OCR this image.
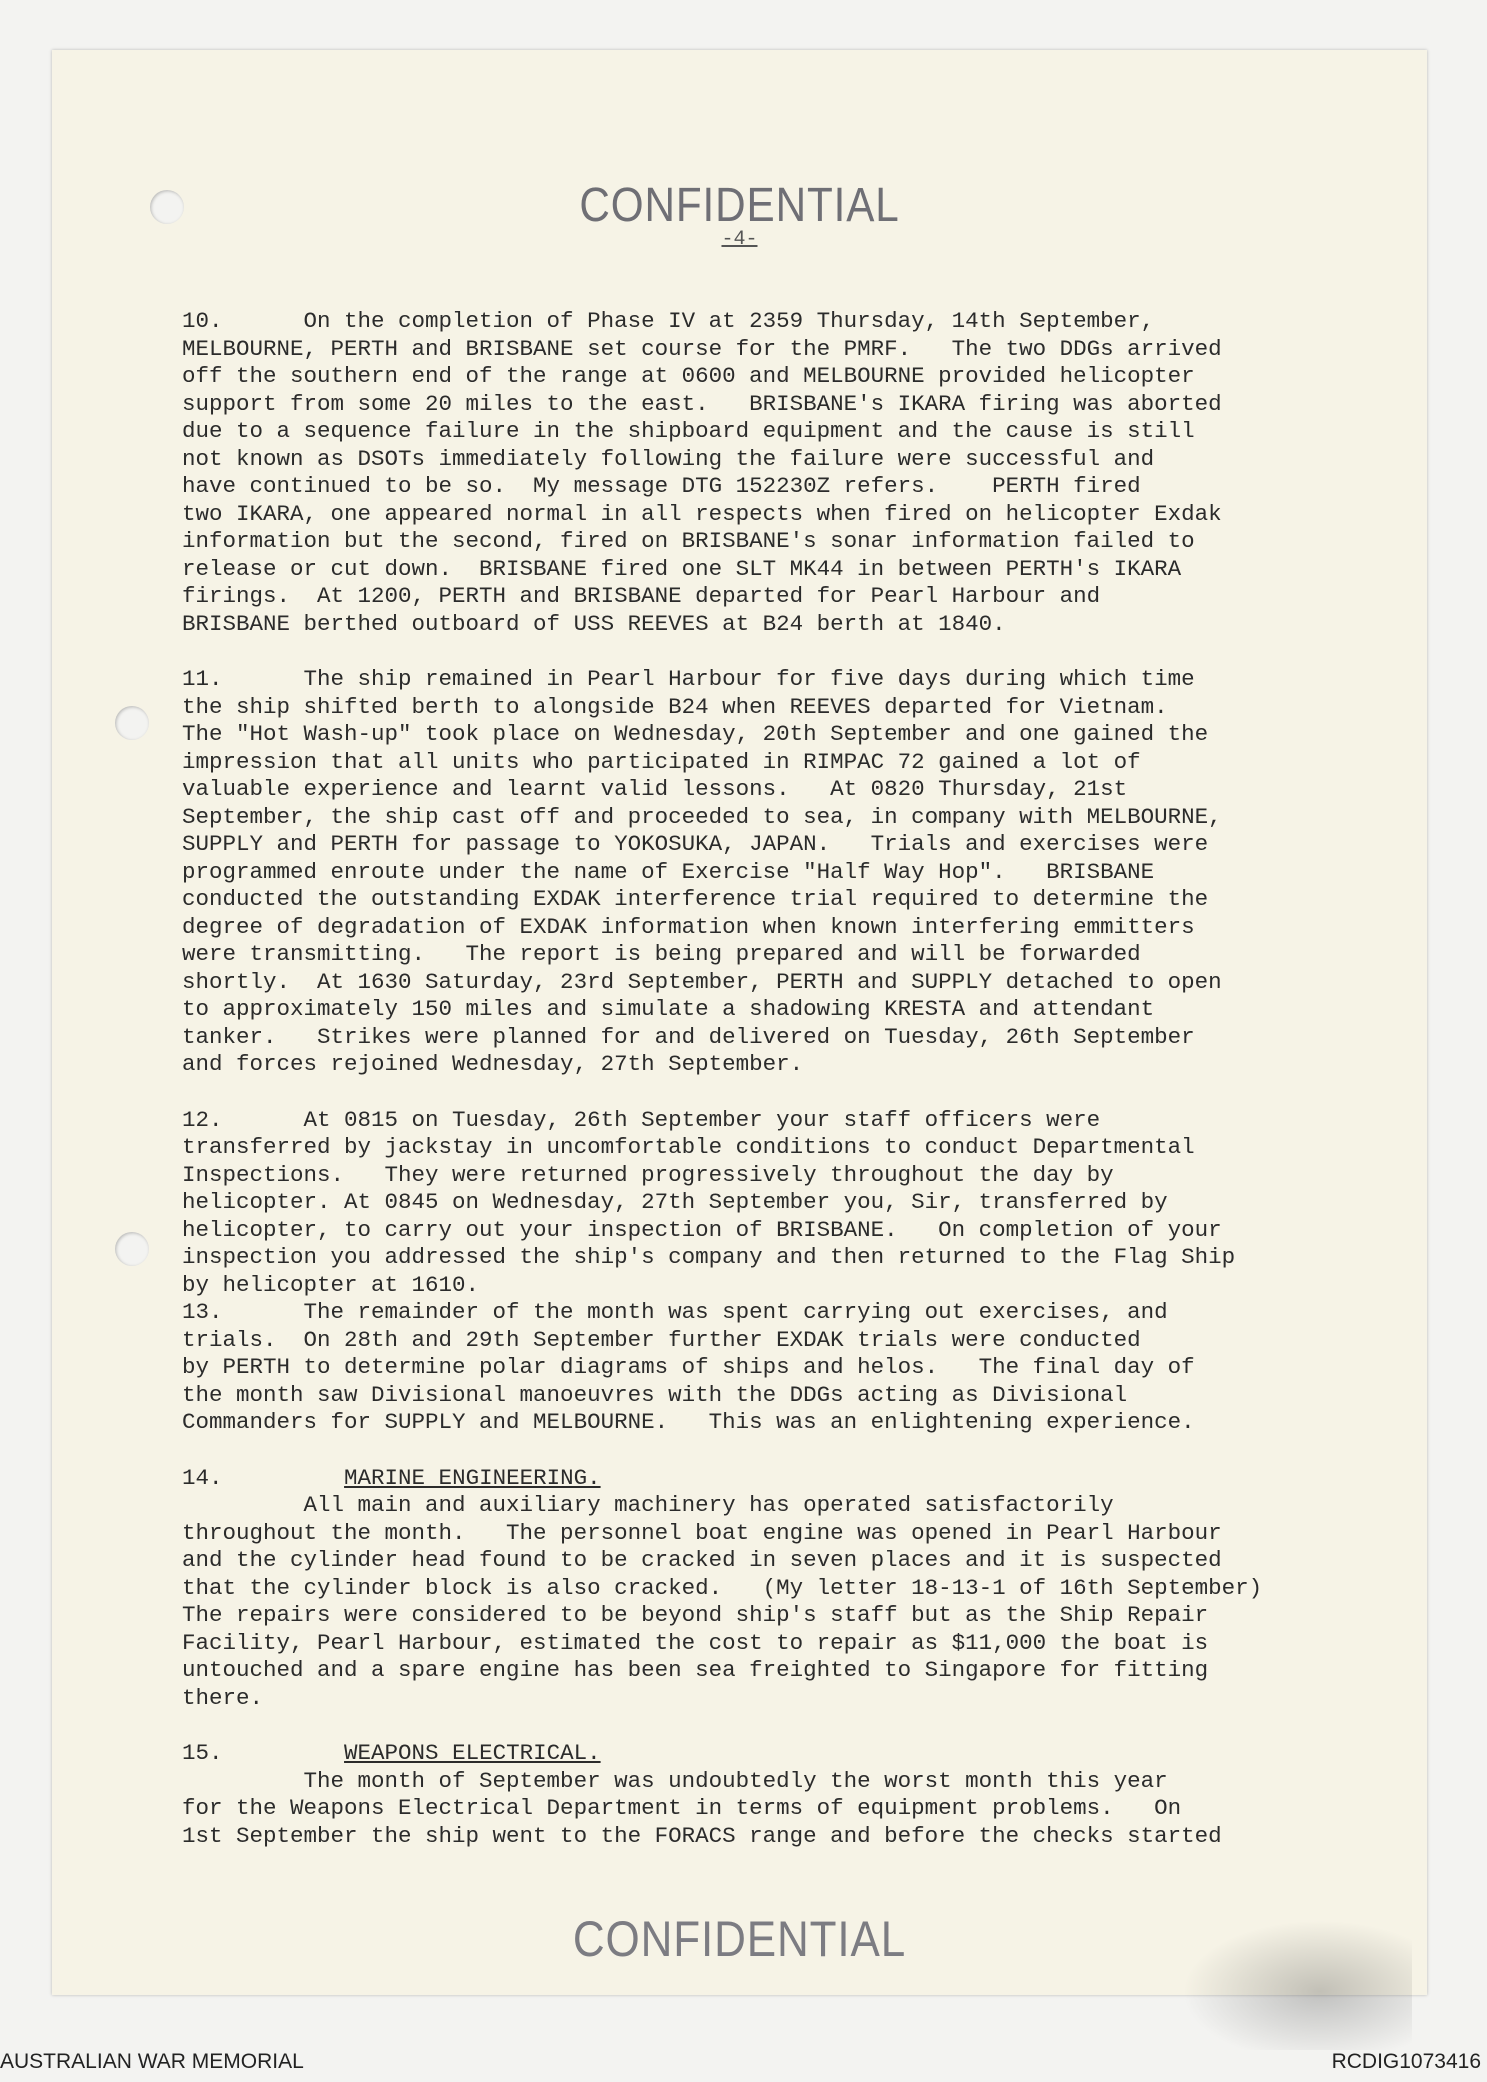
CONFIDENTIAL
-4-
10.      On the completion of Phase IV at 2359 Thursday, 14th September,
MELBOURNE, PERTH and BRISBANE set course for the PMRF.   The two DDGs arrived
off the southern end of the range at 0600 and MELBOURNE provided helicopter
support from some 20 miles to the east.   BRISBANE's IKARA firing was aborted
due to a sequence failure in the shipboard equipment and the cause is still
not known as DSOTs immediately following the failure were successful and
have continued to be so.  My message DTG 152230Z refers.    PERTH fired
two IKARA, one appeared normal in all respects when fired on helicopter Exdak
information but the second, fired on BRISBANE's sonar information failed to
release or cut down.  BRISBANE fired one SLT MK44 in between PERTH's IKARA
firings.  At 1200, PERTH and BRISBANE departed for Pearl Harbour and
BRISBANE berthed outboard of USS REEVES at B24 berth at 1840.
11.      The ship remained in Pearl Harbour for five days during which time
the ship shifted berth to alongside B24 when REEVES departed for Vietnam.
The "Hot Wash-up" took place on Wednesday, 20th September and one gained the
impression that all units who participated in RIMPAC 72 gained a lot of
valuable experience and learnt valid lessons.   At 0820 Thursday, 21st
September, the ship cast off and proceeded to sea, in company with MELBOURNE,
SUPPLY and PERTH for passage to YOKOSUKA, JAPAN.   Trials and exercises were
programmed enroute under the name of Exercise "Half Way Hop".   BRISBANE
conducted the outstanding EXDAK interference trial required to determine the
degree of degradation of EXDAK information when known interfering emmitters
were transmitting.   The report is being prepared and will be forwarded
shortly.  At 1630 Saturday, 23rd September, PERTH and SUPPLY detached to open
to approximately 150 miles and simulate a shadowing KRESTA and attendant
tanker.   Strikes were planned for and delivered on Tuesday, 26th September
and forces rejoined Wednesday, 27th September.
12.      At 0815 on Tuesday, 26th September your staff officers were
transferred by jackstay in uncomfortable conditions to conduct Departmental
Inspections.   They were returned progressively throughout the day by
helicopter. At 0845 on Wednesday, 27th September you, Sir, transferred by
helicopter, to carry out your inspection of BRISBANE.   On completion of your
inspection you addressed the ship's company and then returned to the Flag Ship
by helicopter at 1610.
13.      The remainder of the month was spent carrying out exercises, and
trials.  On 28th and 29th September further EXDAK trials were conducted
by PERTH to determine polar diagrams of ships and helos.   The final day of
the month saw Divisional manoeuvres with the DDGs acting as Divisional
Commanders for SUPPLY and MELBOURNE.   This was an enlightening experience.
14.	MARINE ENGINEERING.
All main and auxiliary machinery has operated satisfactorily
throughout the month.   The personnel boat engine was opened in Pearl Harbour
and the cylinder head found to be cracked in seven places and it is suspected
that the cylinder block is also cracked.   (My letter 18-13-1 of 16th September)
The repairs were considered to be beyond ship's staff but as the Ship Repair
Facility, Pearl Harbour, estimated the cost to repair as $11,000 the boat is
untouched and a spare engine has been sea freighted to Singapore for fitting
there.
15.	WEAPONS ELECTRICAL.
The month of September was undoubtedly the worst month this year
for the Weapons Electrical Department in terms of equipment problems.   On
1st September the ship went to the FORACS range and before the checks started
CONFIDENTIAL
AUSTRALIAN WAR MEMORIAL	RCDIG1073416
